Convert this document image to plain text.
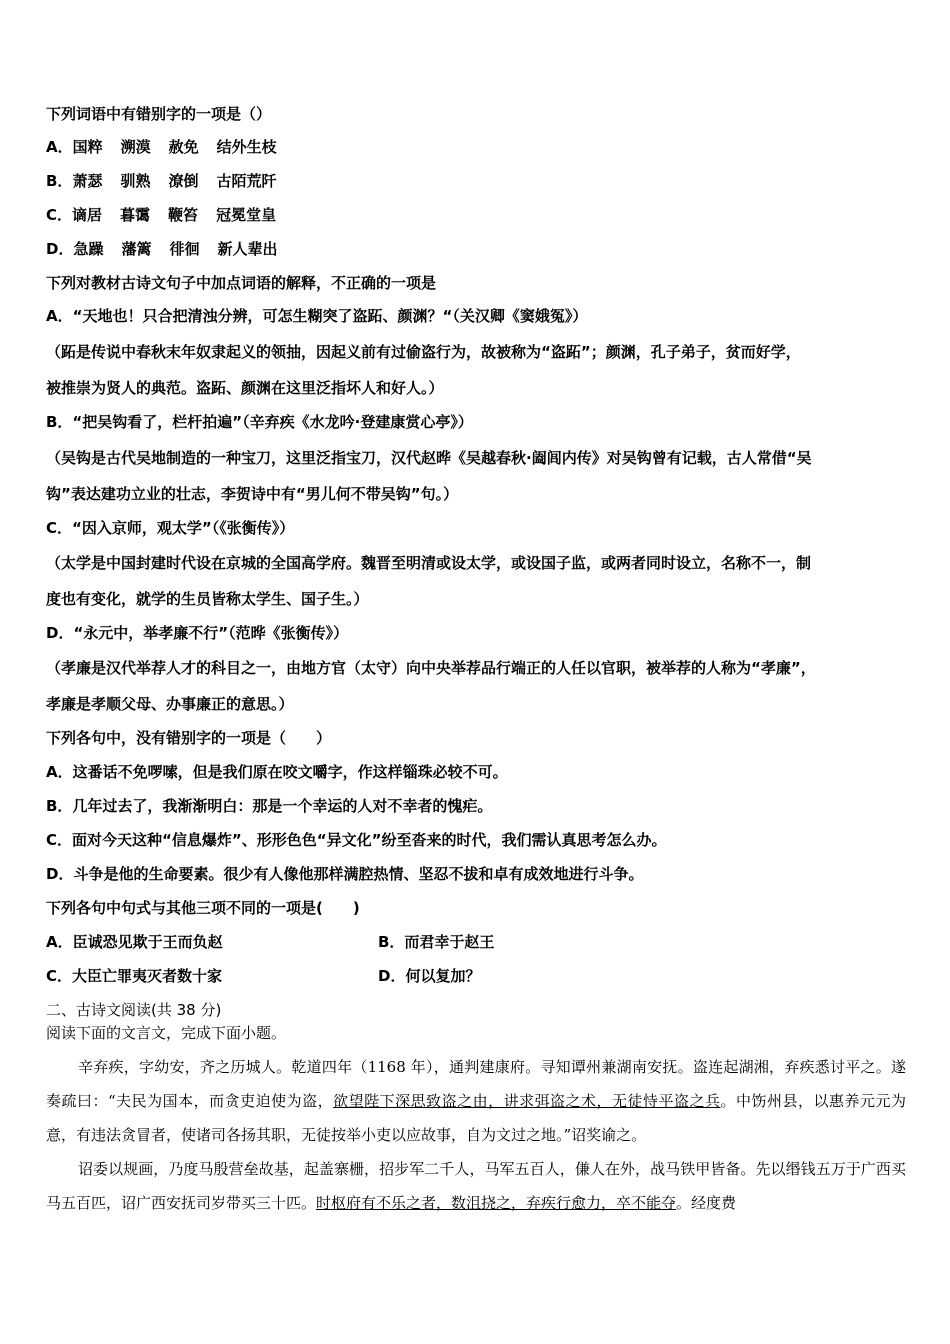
下列词语中有错别字的一项是（）
A．国粹 溯漠 赦免 结外生枝
B．萧瑟 驯熟 潦倒 古陌荒阡
C．谪居 暮霭 鞭笞 冠冕堂皇
D．急躁 藩篱 徘徊 新人辈出
下列对教材古诗文句子中加点词语的解释，不正确的一项是
A．“天地也！只合把清浊分辨，可怎生糊突了盗跖、颜渊？“（关汉卿《窦娥冤》）
（跖是传说中春秋末年奴隶起义的领抽，因起义前有过偷盗行为，故被称为“盗跖”；颜渊，孔子弟子，贫而好学，
被推崇为贤人的典范。盗跖、颜渊在这里泛指坏人和好人。）
B．“把吴钩看了，栏杆拍遍”（辛弃疾《水龙吟·登建康赏心亭》）
（吴钩是古代吴地制造的一种宝刀，这里泛指宝刀，汉代赵晔《吴越春秋·阖闾内传》对吴钩曾有记载，古人常借“吴
钩”表达建功立业的壮志，李贺诗中有“男儿何不带吴钩”句。）
C．“因入京师，观太学”（《张衡传》）
（太学是中国封建时代设在京城的全国高学府。魏晋至明清或设太学，或设国子监，或两者同时设立，名称不一，制
度也有变化，就学的生员皆称太学生、国子生。）
D．“永元中，举孝廉不行”（范晔《张衡传》）
（孝廉是汉代举荐人才的科目之一，由地方官（太守）向中央举荐品行端正的人任以官职，被举荐的人称为“孝廉”，
孝廉是孝顺父母、办事廉正的意思。）
下列各句中，没有错别字的一项是（　　）
A．这番话不免啰嗦，但是我们原在咬文嚼字，作这样锱珠必较不可。
B．几年过去了，我渐渐明白：那是一个幸运的人对不幸者的愧疟。
C．面对今天这种“信息爆炸”、形形色色“异文化”纷至沓来的时代，我们需认真思考怎么办。
D．斗争是他的生命要素。很少有人像他那样满腔热情、坚忍不拔和卓有成效地进行斗争。
下列各句中句式与其他三项不同的一项是(　　)
A．臣诚恐见欺于王而负赵	B．而君幸于赵王
C．大臣亡罪夷灭者数十家	D．何以复加？
二、古诗文阅读(共 38 分)
阅读下面的文言文，完成下面小题。
辛弃疾，字幼安，齐之历城人。乾道四年（1168 年），通判建康府。寻知谭州兼湖南安抚。盗连起湖湘，弃疾悉讨平之。遂奏疏曰：“夫民为国本，而贪吏迫使为盗，欲望陛下深思致盗之由，讲求弭盗之术，无徒恃平盗之兵。中饬州县，以惠养元元为意，有违法贪冒者，使诸司各扬其职，无徒按举小吏以应故事，自为文过之地。”诏奖谕之。
诏委以规画，乃度马殷营垒故基，起盖寨栅，招步军二千人，马军五百人，傔人在外，战马铁甲皆备。先以缗钱五万于广西买马五百匹，诏广西安抚司岁带买三十匹。时枢府有不乐之者，数沮挠之，弃疾行愈力，卒不能夺。经度费
